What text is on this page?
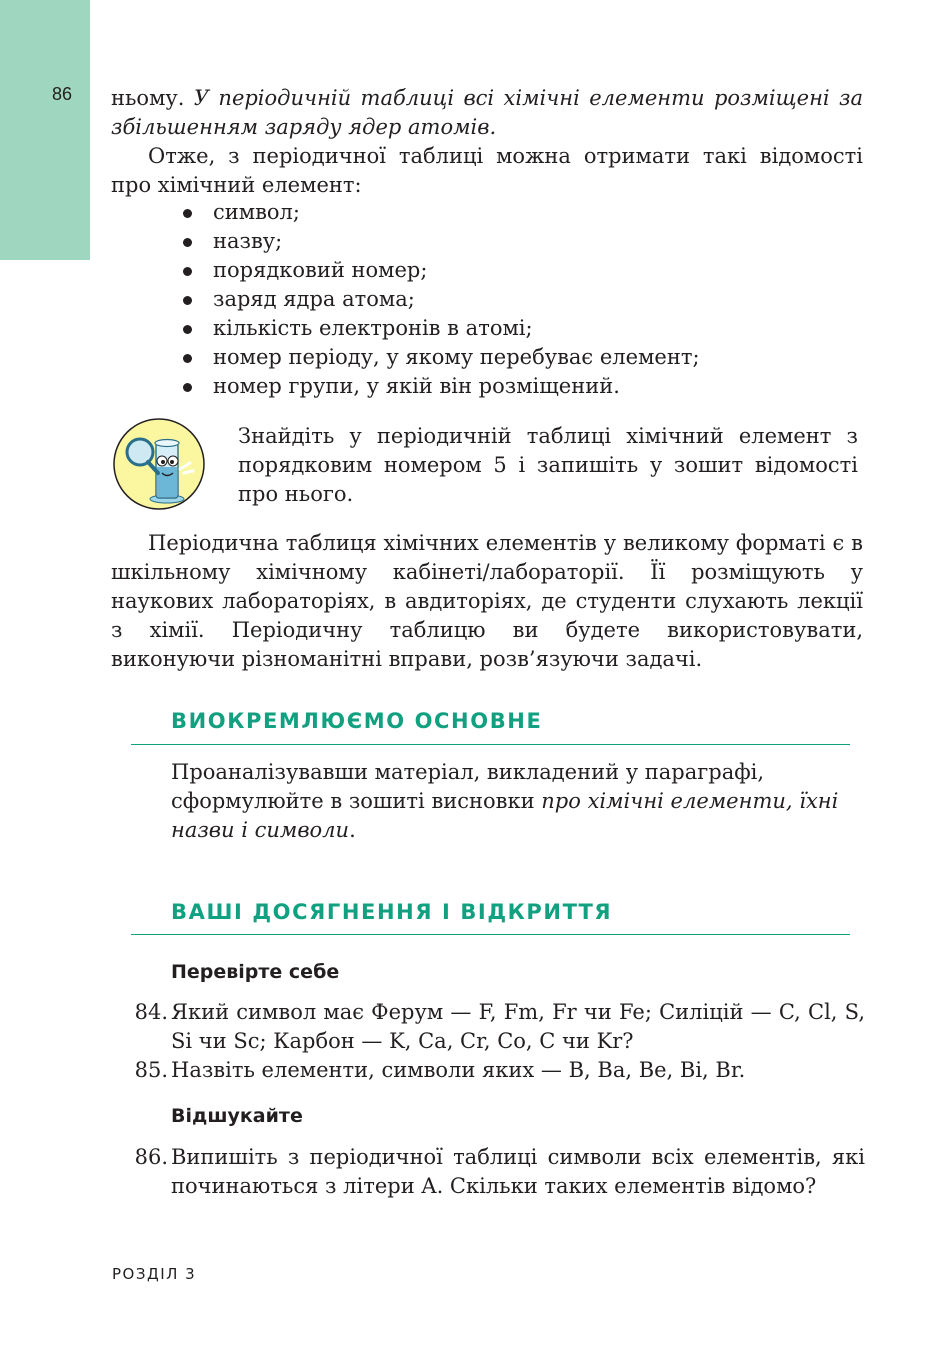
86 ньому. У періодичній таблиці всі хімічні елементи розміщені за збільшенням заряду ядер атомів.

Отже, з періодичної таблиці можна отримати такі відомості про хімічний елемент:

символ;
назву;
порядковий номер;
заряд ядра атома;
кількість електронів в атомі;
номер періоду, у якому перебуває елемент;
номер групи, у якій він розміщений.
Знайдіть у періодичній таблиці хімічний елемент з порядковим номером 5 і запишіть у зошит відомості про нього.

Періодична таблиця хімічних елементів у великому форматі є в шкільному хімічному кабінеті/лабораторії. Її розміщують у наукових лабораторіях, в авдиторіях, де студенти слухають лекції з хімії. Періодичну таблицю ви будете використовувати, виконуючи різноманітні вправи, розв’язуючи задачі.

ВИОКРЕМЛЮЄМО ОСНОВНЕ
Проаналізувавши матеріал, викладений у параграфі, сформулюйте в зошиті висновки про хімічні елементи, їхні назви і символи.
ВАШІ ДОСЯГНЕННЯ І ВІДКРИТТЯ
Перевірте себе
84. Який символ має Ферум — F, Fm, Fr чи Fe; Силіцій — C, Cl, S, Si чи Sc; Карбон — K, Ca, Cr, Co, C чи Kr?
85. Назвіть елементи, символи яких — B, Ba, Be, Bi, Br.
Відшукайте
86. Випишіть з періодичної таблиці символи всіх елементів, які починаються з літери A. Скільки таких елементів відомо?
РОЗДІЛ 3
